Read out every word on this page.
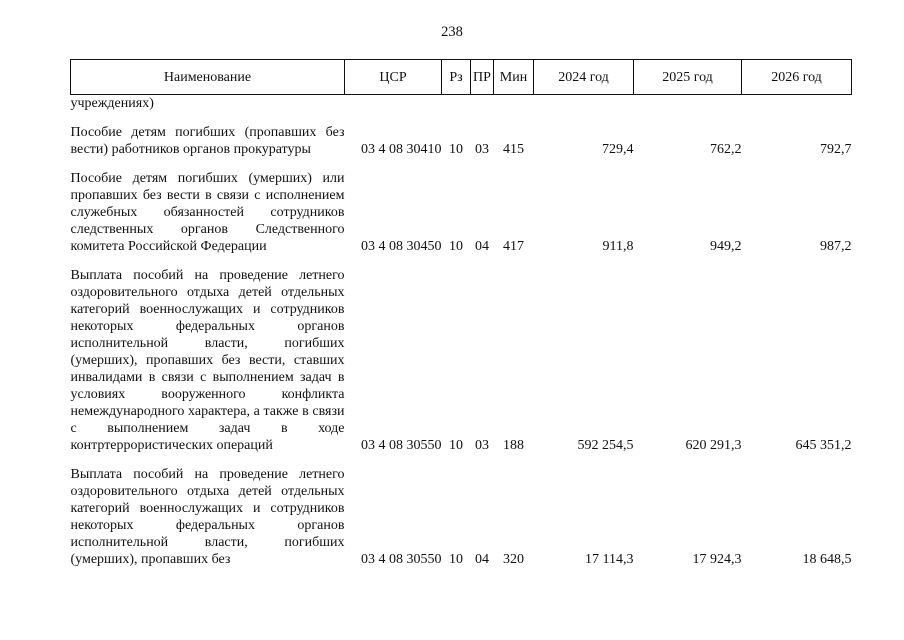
238
Наименование	ЦСР	Рз	ПР	Мин	2024 год	2025 год	2026 год
учреждениях)							

Пособие детям погибших (пропавших без вести) работников органов прокуратуры	03 4 08 30410	10	03	415	729,4	762,2	792,7

Пособие детям погибших (умерших) или пропавших без вести в связи с исполнением служебных обязанностей сотрудников следственных органов Следственного комитета Российской Федерации	03 4 08 30450	10	04	417	911,8	949,2	987,2

Выплата пособий на проведение летнего оздоровительного отдыха детей отдельных категорий военнослужащих и сотрудников некоторых федеральных органов исполнительной власти, погибших (умерших), пропавших без вести, ставших инвалидами в связи с выполнением задач в условиях вооруженного конфликта немеждународного характера, а также в связи с выполнением задач в ходе контртеррористических операций	03 4 08 30550	10	03	188	592 254,5	620 291,3	645 351,2

Выплата пособий на проведение летнего оздоровительного отдыха детей отдельных категорий военнослужащих и сотрудников некоторых федеральных органов исполнительной власти, погибших (умерших), пропавших без	03 4 08 30550	10	04	320	17 114,3	17 924,3	18 648,5
